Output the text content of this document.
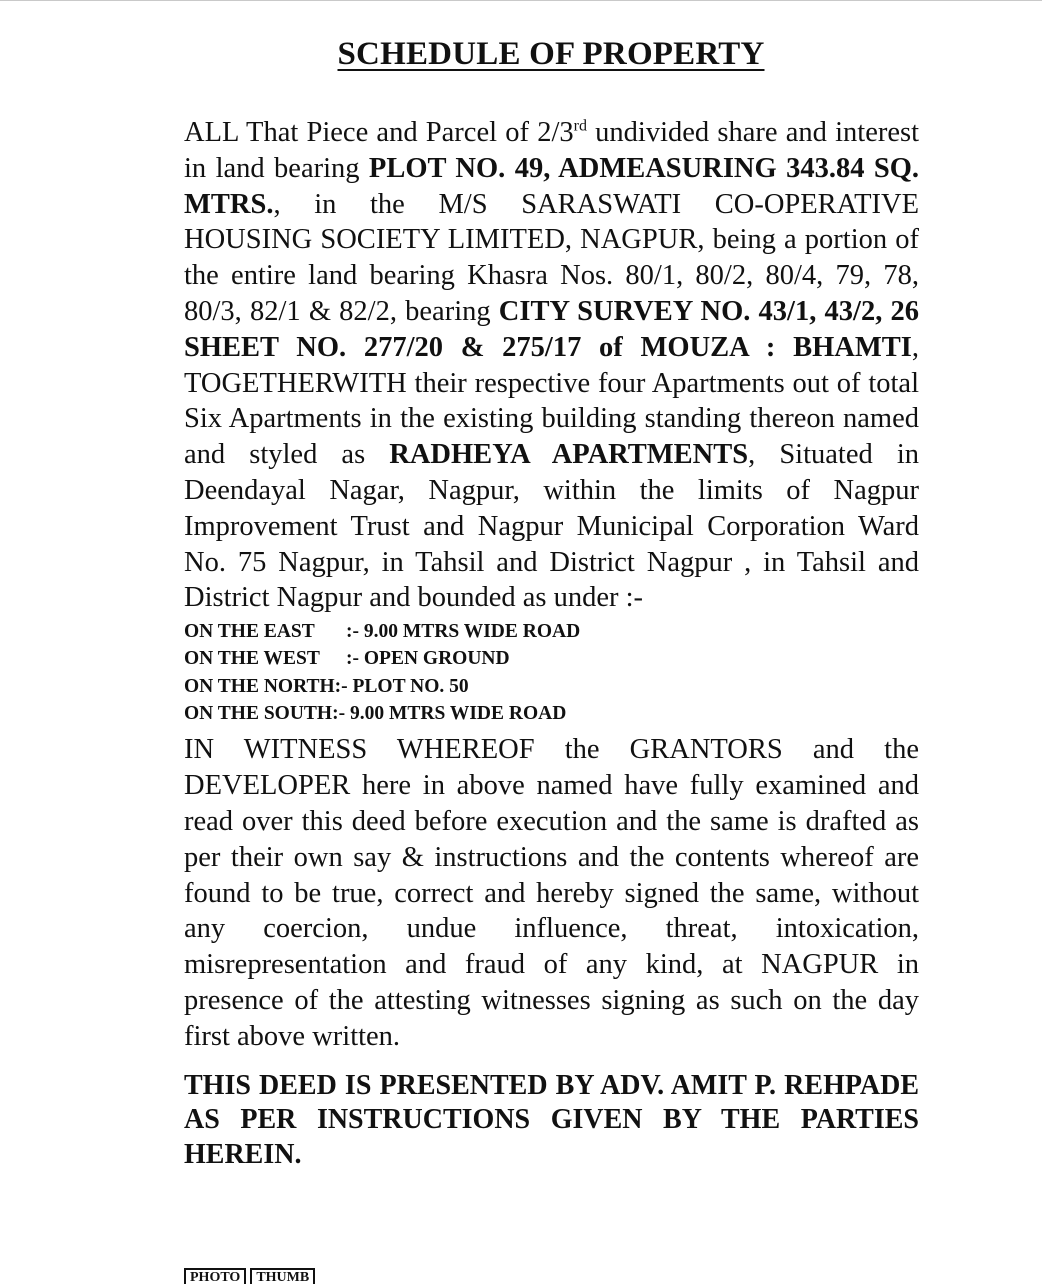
SCHEDULE OF PROPERTY

ALL That Piece and Parcel of 2/3rd undivided share and interest in land bearing PLOT NO. 49, ADMEASURING 343.84 SQ. MTRS., in the M/S SARASWATI CO-OPERATIVE HOUSING SOCIETY LIMITED, NAGPUR, being a portion of the entire land bearing Khasra Nos. 80/1, 80/2, 80/4, 79, 78, 80/3, 82/1 & 82/2, bearing CITY SURVEY NO. 43/1, 43/2, 26 SHEET NO. 277/20 & 275/17 of MOUZA : BHAMTI, TOGETHERWITH their respective four Apartments out of total Six Apartments in the existing building standing thereon named and styled as RADHEYA APARTMENTS, Situated in Deendayal Nagar, Nagpur, within the limits of Nagpur Improvement Trust and Nagpur Municipal Corporation Ward No. 75 Nagpur, in Tahsil and District Nagpur , in Tahsil and District Nagpur and bounded as under :-

ON THE EAST	:- 9.00 MTRS WIDE ROAD
ON THE WEST	:- OPEN GROUND
ON THE NORTH :- PLOT NO. 50
ON THE SOUTH :- 9.00 MTRS WIDE ROAD

IN WITNESS WHEREOF the GRANTORS and the DEVELOPER here in above named have fully examined and read over this deed before execution and the same is drafted as per their own say & instructions and the contents whereof are found to be true, correct and hereby signed the same, without any coercion, undue influence, threat, intoxication, misrepresentation and fraud of any kind, at NAGPUR in presence of the attesting witnesses signing as such on the day first above written.

THIS DEED IS PRESENTED BY ADV. AMIT P. REHPADE AS PER INSTRUCTIONS GIVEN BY THE PARTIES HEREIN.

PHOTO	THUMB
